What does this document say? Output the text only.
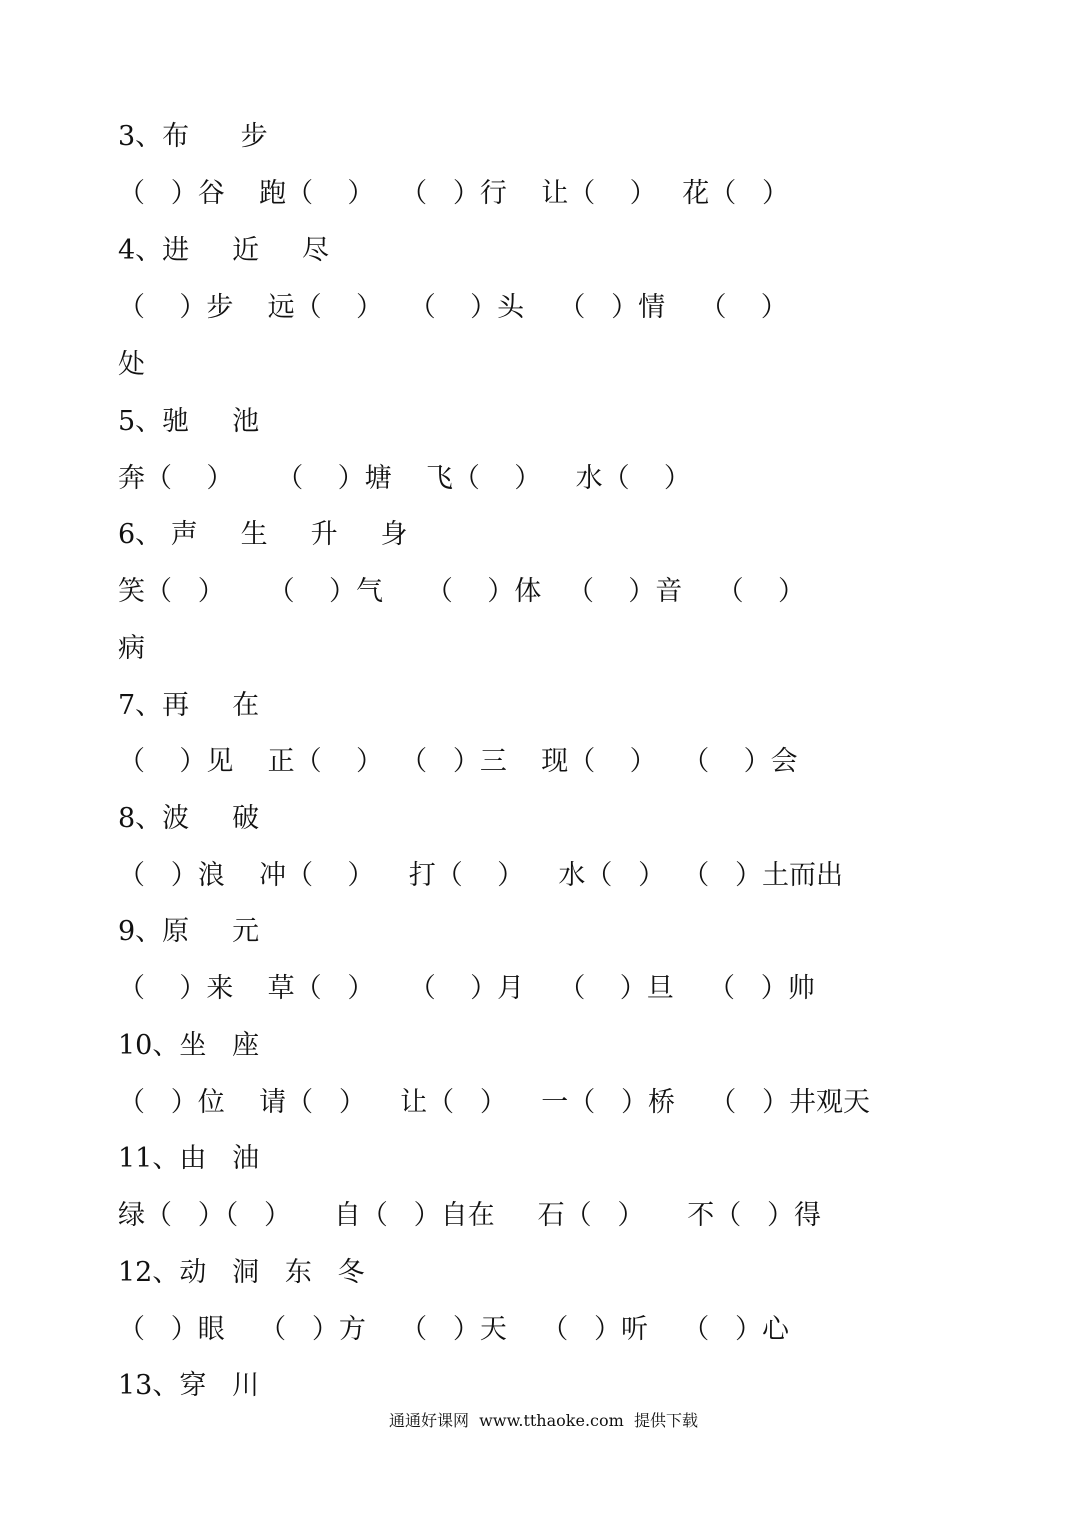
3、布      步
（   ）谷    跑（    ）   （   ）行    让（    ）   花（   ）
4、进     近     尽
（    ）步    远（    ）   （    ）头    （   ）情    （    ）
处
5、驰     池
奔（    ）     （    ）塘    飞（    ）    水（    ）
6、 声     生     升     身
笑（   ）     （    ）气     （    ）体   （    ）音    （    ）
病
7、再     在
（    ）见    正（    ）  （   ）三    现（    ）   （    ）会
8、波     破
（   ）浪    冲（    ）    打（    ）    水（   ）  （   ）土而出
9、原     元
（    ）来    草（   ）    （    ）月    （    ）旦    （   ）帅
10、坐   座
（   ）位    请（   ）    让（   ）    一（   ）桥    （   ）井观天
11、由   油
绿（   ）（   ）     自（   ）自在     石（   ）     不（   ）得
12、动   洞   东   冬
（   ）眼    （   ）方    （   ）天    （   ）听    （   ）心
13、穿   川
通通好课网  www.tthaoke.com  提供下载
